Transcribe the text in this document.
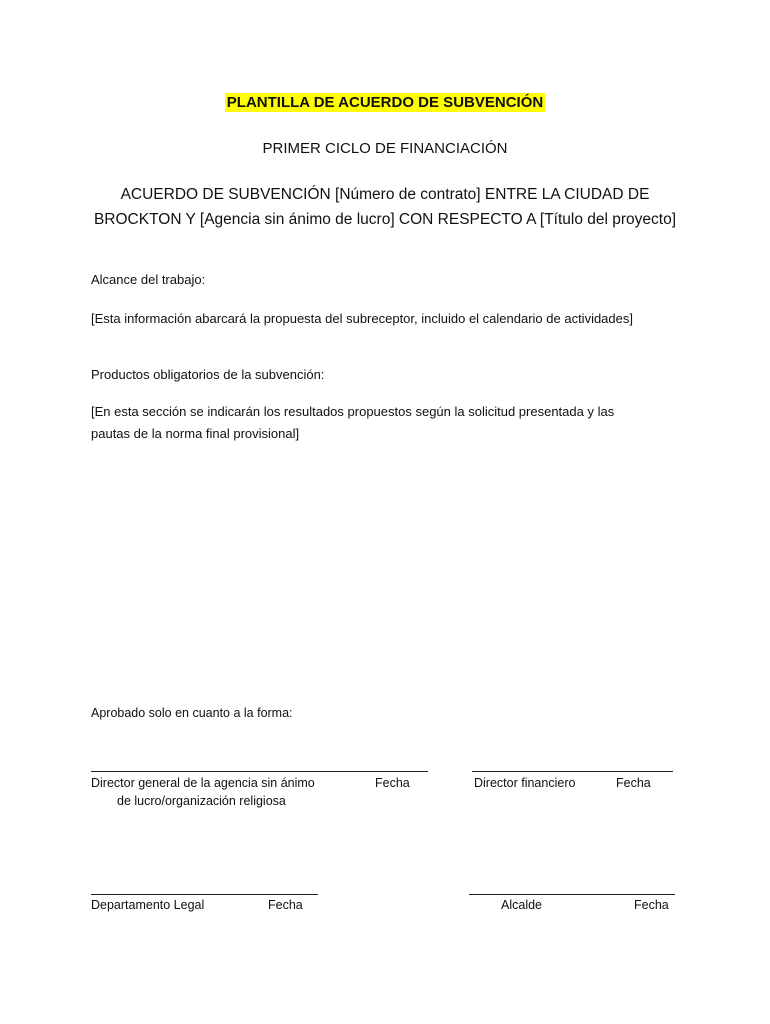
PLANTILLA DE ACUERDO DE SUBVENCIÓN
PRIMER CICLO DE FINANCIACIÓN
ACUERDO DE SUBVENCIÓN [Número de contrato] ENTRE LA CIUDAD DE
BROCKTON Y [Agencia sin ánimo de lucro] CON RESPECTO A [Título del proyecto]
Alcance del trabajo:
[Esta información abarcará la propuesta del subreceptor, incluido el calendario de actividades]
Productos obligatorios de la subvención:
[En esta sección se indicarán los resultados propuestos según la solicitud presentada y las
pautas de la norma final provisional]
Aprobado solo en cuanto a la forma:
Director general de la agencia sin ánimo
de lucro/organización religiosa
Fecha	Director financiero	Fecha
Departamento Legal	Fecha	Alcalde	Fecha
